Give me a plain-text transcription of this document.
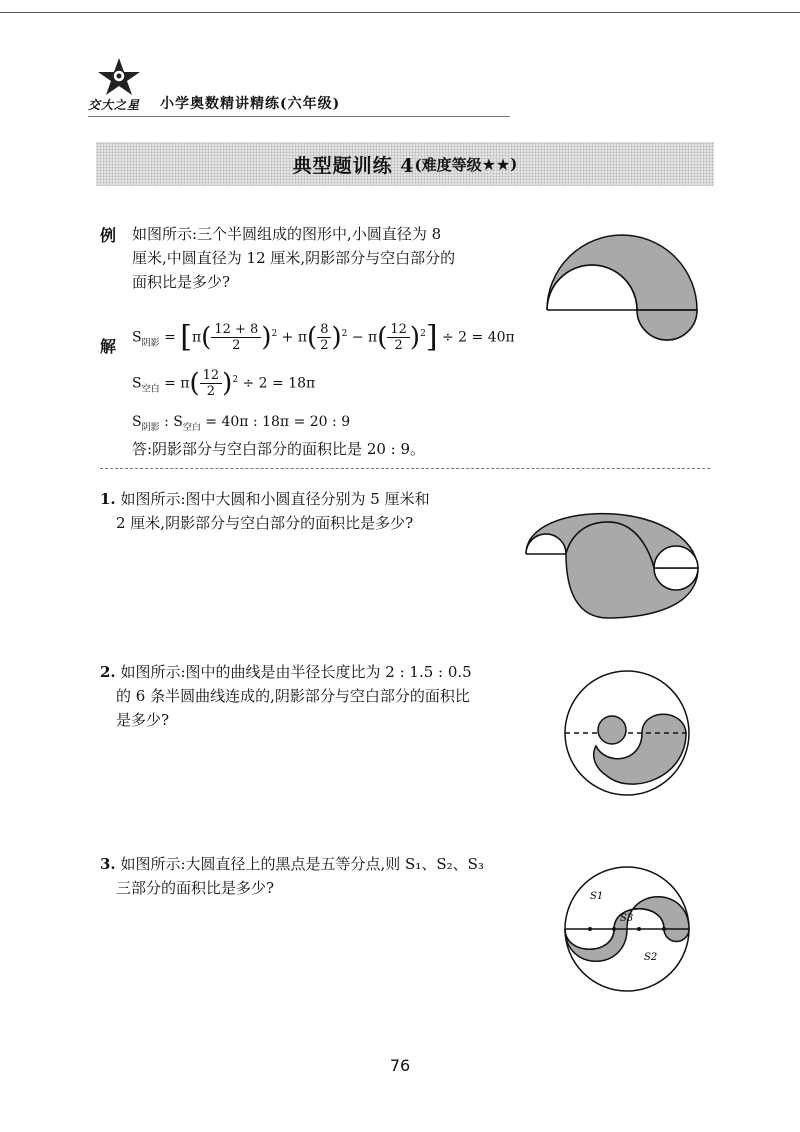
交大之星 小学奥数精讲精练(六年级)
典型题训练 4 (难度等级 ★★ )
例 如图所示:三个半圆组成的图形中,小圆直径为 8

厘米,中圆直径为 12 厘米,阴影部分与空白部分的

面积比是多少?

解 $S_{阴影} = [\pi( \frac{12 + 8}{2} )^2 + \pi( \frac{8}{2} )^2 - \pi( \frac{12}{2} )^2] \div 2 = 40\pi$
$S_{空白} = \pi( \frac{12}{2} )^2 \div 2 = 18\pi$
$S_{阴影}$ : $S_{空白} = 40\pi$ : 18π = 20 : 9
答:阴影部分与空白部分的面积比是 20 : 9。

1. 如图所示:图中大圆和小圆直径分别为 5 厘米和

2 厘米,阴影部分与空白部分的面积比是多少?

2. 如图所示:图中的曲线是由半径长度比为 2 : 1.5 : 0.5

的 6 条半圆曲线连成的,阴影部分与空白部分的面积比

是多少?

3. 如图所示:大圆直径上的黑点是五等分点,则 S₁、S₂、S₃

三部分的面积比是多少?	S1
S3
S2
76
